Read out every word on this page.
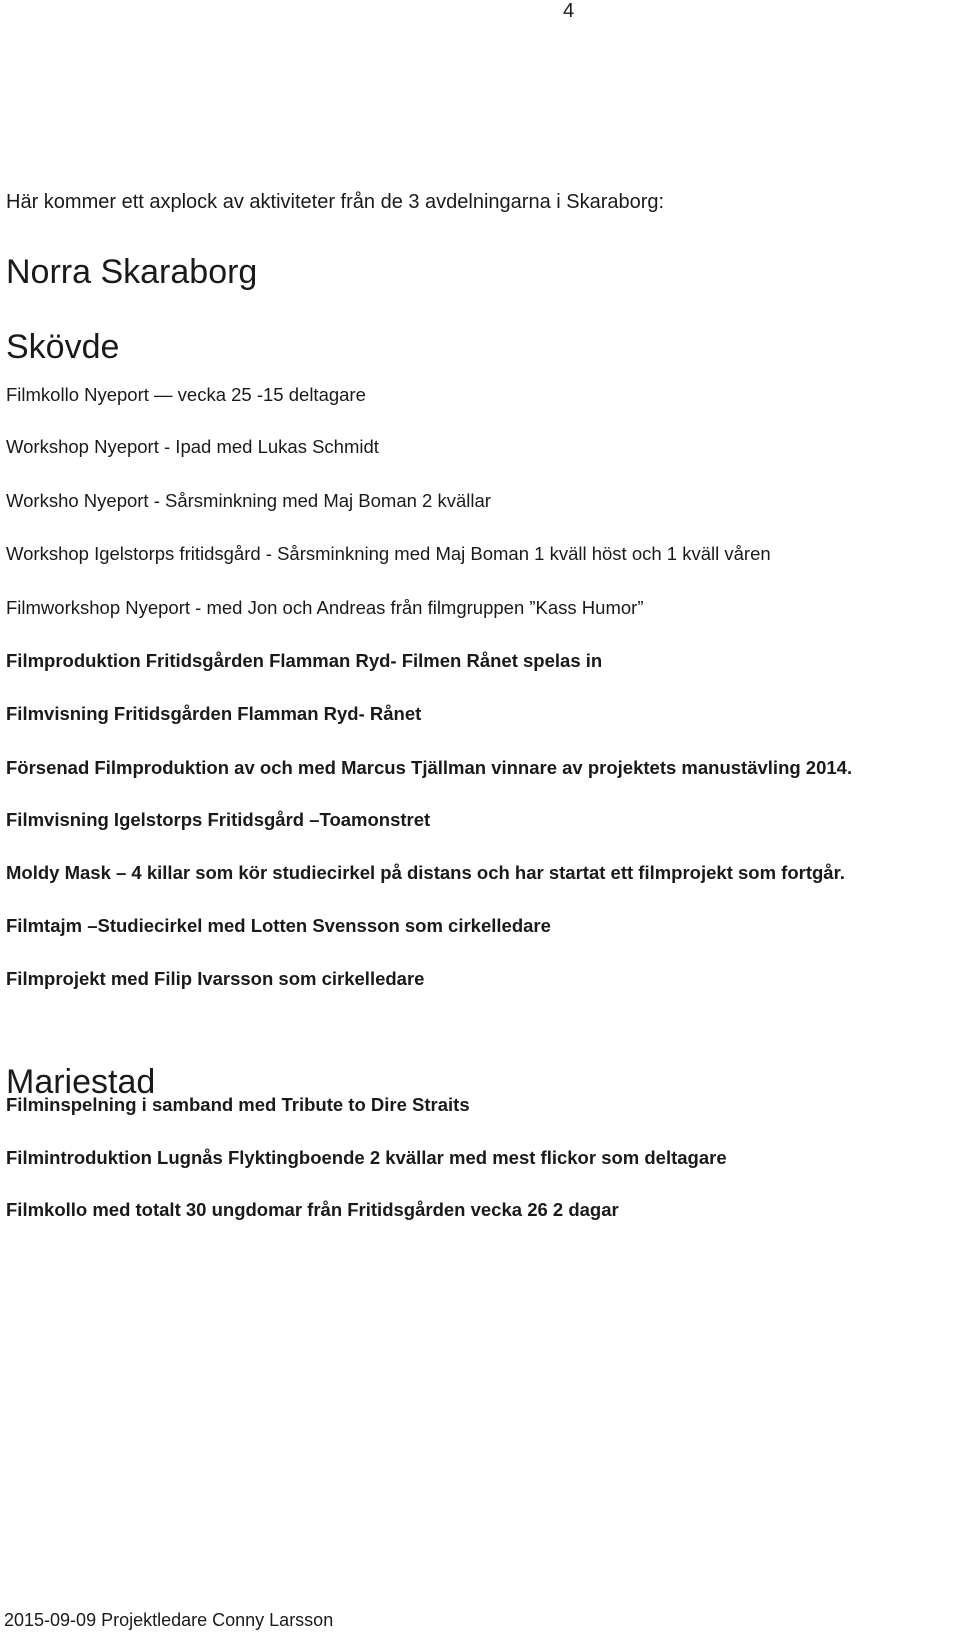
4
Här kommer ett axplock av aktiviteter från de 3 avdelningarna i Skaraborg:
Norra Skaraborg
Skövde
Filmkollo Nyeport — vecka 25 -15 deltagare
Workshop Nyeport - Ipad med Lukas Schmidt
Worksho Nyeport - Sårsminkning med Maj Boman 2 kvällar
Workshop Igelstorps fritidsgård - Sårsminkning med Maj Boman 1 kväll höst och 1 kväll våren
Filmworkshop Nyeport - med Jon och Andreas från filmgruppen ”Kass Humor”
Filmproduktion Fritidsgården Flamman Ryd- Filmen Rånet spelas in
Filmvisning Fritidsgården Flamman Ryd- Rånet
Försenad Filmproduktion av och med Marcus Tjällman vinnare av projektets manustävling 2014.
Filmvisning Igelstorps Fritidsgård –Toamonstret
Moldy Mask – 4 killar som kör studiecirkel på distans och har startat ett filmprojekt som fortgår.
Filmtajm –Studiecirkel med Lotten Svensson som cirkelledare
Filmprojekt med Filip Ivarsson som cirkelledare
Mariestad
Filminspelning i samband med Tribute to Dire Straits
Filmintroduktion Lugnås Flyktingboende 2 kvällar med mest flickor som deltagare
Filmkollo med totalt 30 ungdomar från Fritidsgården vecka 26 2 dagar
2015-09-09 Projektledare Conny Larsson
